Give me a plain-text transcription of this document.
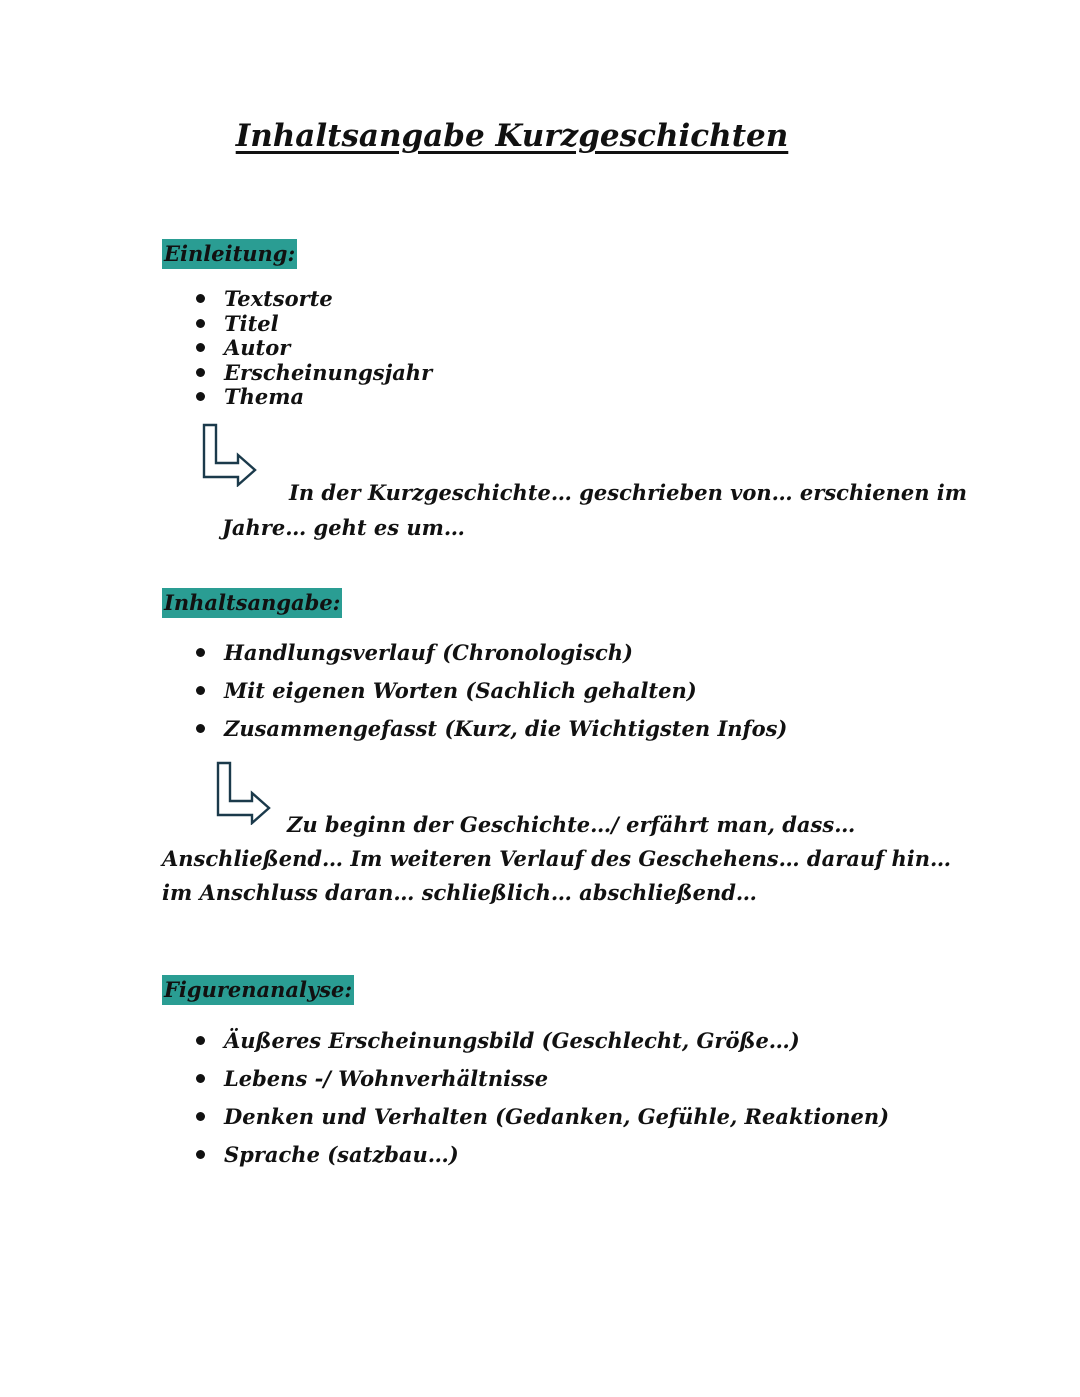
Inhaltsangabe Kurzgeschichten
Einleitung:
Textsorte
Titel
Autor
Erscheinungsjahr
Thema

In der Kurzgeschichte… geschrieben von… erschienen im

Jahre… geht es um…

Inhaltsangabe:
Handlungsverlauf (Chronologisch)
Mit eigenen Worten (Sachlich gehalten)
Zusammengefasst (Kurz, die Wichtigsten Infos)

Zu beginn der Geschichte…/ erfährt man, dass…

Anschließend… Im weiteren Verlauf des Geschehens… darauf hin…

im Anschluss daran… schließlich… abschließend…

Figurenanalyse:
Äußeres Erscheinungsbild (Geschlecht, Größe…)
Lebens -/ Wohnverhältnisse
Denken und Verhalten (Gedanken, Gefühle, Reaktionen)
Sprache (satzbau…)
